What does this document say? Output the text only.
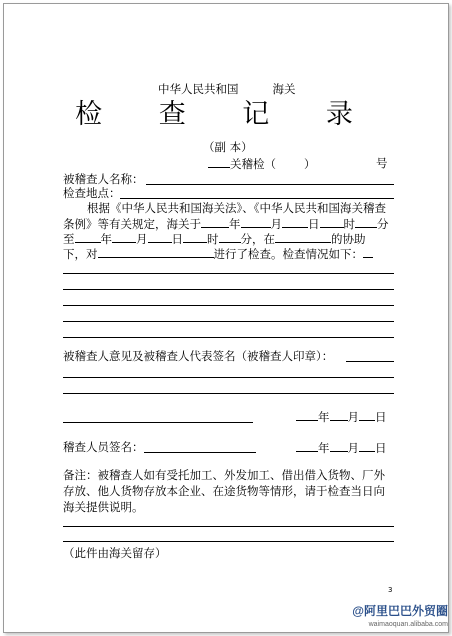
中华人民共和国	海关
检 查 记 录
（副 本）
关稽检（ ）	号
被稽查人名称：
检查地点：
根据《中华人民共和国海关法》、《中华人民共和国海关稽查
条例》等有关规定，海关于 年	月 日 时 分
至 年 月 日 时 分，在	的协助
下，对	进行了检查。检查情况如下：
被稽查人意见及被稽查人代表签名（被稽查人印章）：
年 月 日
稽查人员签名：	年 月 日
备注：被稽查人如有受托加工、外发加工、借出借入货物、厂外
存放、他人货物存放本企业、在途货物等情形，请于检查当日向
海关提供说明。
（此件由海关留存）
3
@阿里巴巴外贸圈
waimaoquan.alibaba.com
